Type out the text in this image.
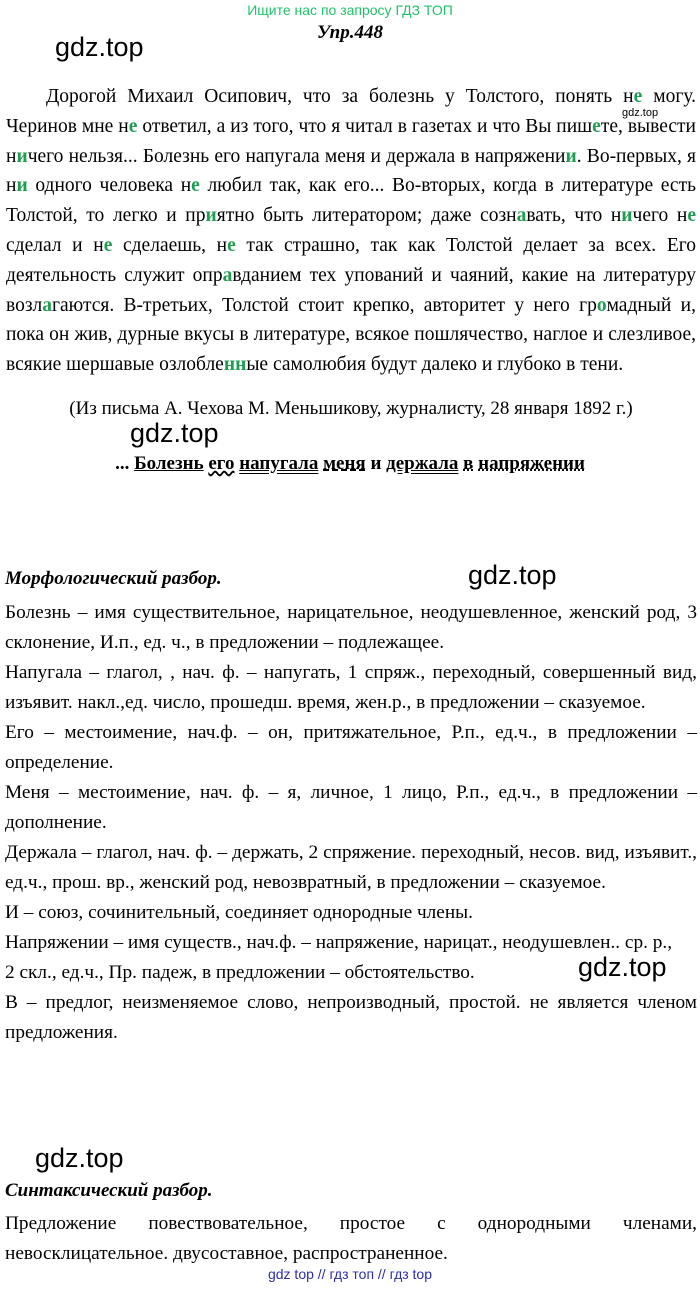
Ищите нас по запросу ГДЗ ТОП
Упр.448
gdz.top
gdz.top

Дорогой Михаил Осипович, что за болезнь у Толстого, понять не могу. Черинов мне не ответил, а из того, что я читал в газетах и что Вы пишете, вывести ничего нельзя... Болезнь его напугала меня и держала в напряжении. Во-первых, я ни одного человека не любил так, как его... Во-вторых, когда в литературе есть Толстой, то легко и приятно быть литератором; даже сознавать, что ничего не сделал и не сделаешь, не так страшно, так как Толстой делает за всех. Его деятельность служит оправданием тех упований и чаяний, какие на литературу возлагаются. В-третьих, Толстой стоит крепко, авторитет у него громадный и, пока он жив, дурные вкусы в литературе, всякое пошлячество, наглое и слезливое, всякие шершавые озлобленные самолюбия будут далеко и глубоко в тени.

(Из письма А. Чехова М. Меньшикову, журналисту, 28 января 1892 г.)
gdz.top
... Болезнь его напугала меня и держала в напряжении
Морфологический разбор.	gdz.top

Болезнь – имя существительное, нарицательное, неодушевленное, женский род, 3 склонение, И.п., ед. ч., в предложении – подлежащее.

Напугала – глагол, , нач. ф. – напугать, 1 спряж., переходный, совершенный вид, изъявит. накл.,ед. число, прошедш. время, жен.р., в предложении – сказуемое.

Его – местоимение, нач.ф. – он, притяжательное, Р.п., ед.ч., в предложении – определение.

Меня – местоимение, нач. ф. – я, личное, 1 лицо, Р.п., ед.ч., в предложении – дополнение.

Держала – глагол, нач. ф. – держать, 2 спряжение. переходный, несов. вид, изъявит., ед.ч., прош. вр., женский род, невозвратный, в предложении – сказуемое.

И – союз, сочинительный, соединяет однородные члены.

Напряжении – имя существ., нач.ф. – напряжение, нарицат., неодушевлен.. ср. р.,

2 скл., ед.ч., Пр. падеж, в предложении – обстоятельство.

В – предлог, неизменяемое слово, непроизводный, простой. не является членом предложения.

gdz.top
gdz.top
Синтаксический разбор.
Предложение повествовательное, простое с однородными членами, невосклицательное. двусоставное, распространенное.
gdz top // гдз топ // гдз top
